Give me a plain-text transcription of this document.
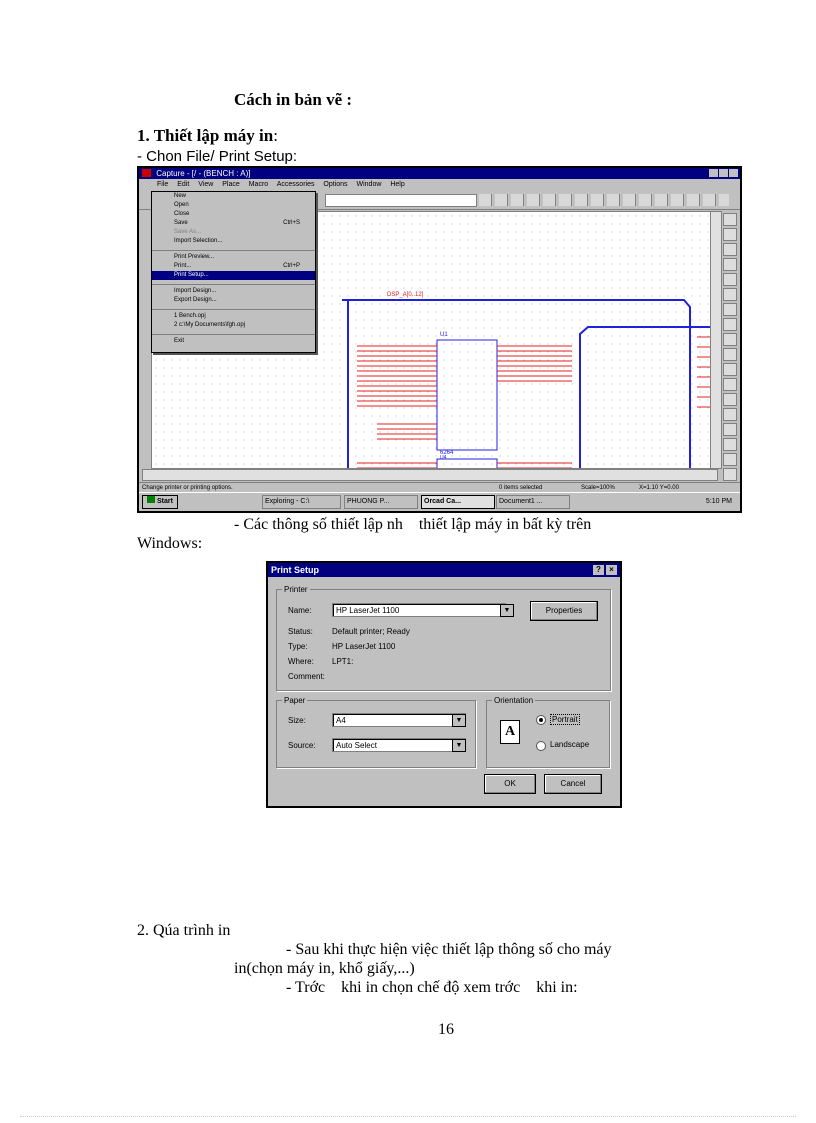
Cách in bản vẽ :
1. Thiết lập máy in:
- Chon File/ Print Setup:
Capture - [/ - (BENCH : A)]
File Edit View Place Macro Accessories Options Window Help
DSP_A[0..12]
U1
6264
U4
New
Open
Close
Save	Ctrl+S
Save As...
Import Selection...
Print Preview...
Print...	Ctrl+P
Print Setup...
Import Design...
Export Design...
1 Bench.opj
2 c:\My Documents\fgh.opj
Exit
Change printer or printing options.	0 items selected	Scale=100%	X=1.10 Y=0.00
Start	Exploring - C:\	PHUONG P...	Orcad Ca...	Document1 ...	5:10 PM
- Các thông số thiết lập nh    thiết lập máy in bất kỳ trên
Windows:
Print Setup	?	×
Printer
Name:	HP LaserJet 1100	▼	Properties
Status: Default printer; Ready
Type:	HP LaserJet 1100
Where: LPT1:
Comment:
Paper
Size:	A4	▼
Source:	Auto Select	▼
Orientation
A
Portrait
Landscape
OK	Cancel
2. Qúa trình in
- Sau khi thực hiện việc thiết lập thông số cho máy
in(chọn máy in, khổ giấy,...)
- Trớc    khi in chọn chế độ xem trớc    khi in:
16
